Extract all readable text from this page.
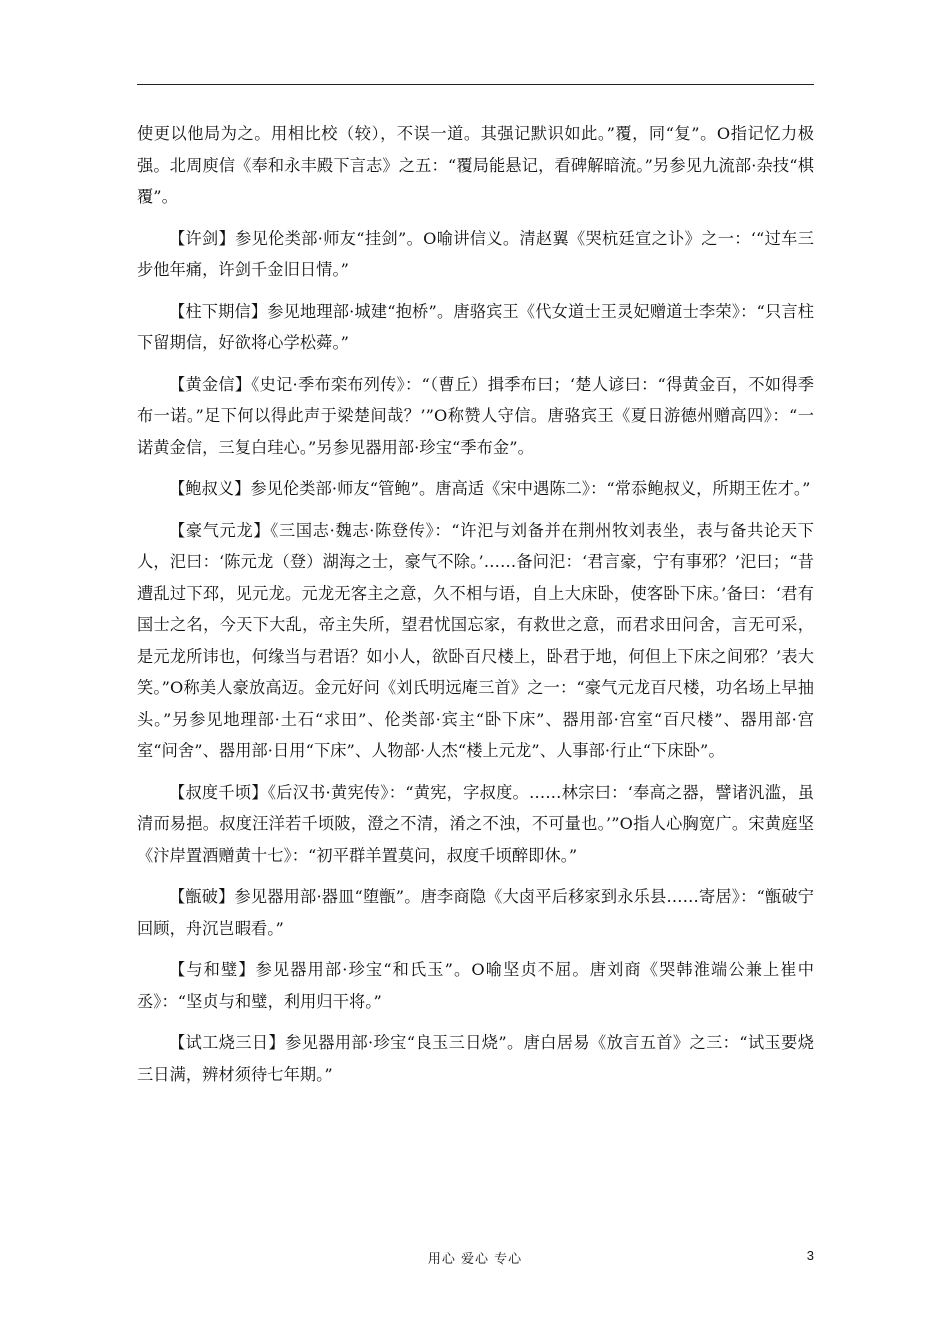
使更以他局为之。用相比校（较），不误一道。其强记默识如此。”覆，同“复”。O指记忆力极强。北周庾信《奉和永丰殿下言志》之五：“覆局能悬记，看碑解暗流。”另参见九流部·杂技“棋覆”。

【许剑】参见伦类部·师友“挂剑”。O喻讲信义。清赵翼《哭杭廷宣之讣》之一：‘“过车三步他年痛，许剑千金旧日情。”

【柱下期信】参见地理部·城建“抱桥”。唐骆宾王《代女道士王灵妃赠道士李荣》：“只言柱下留期信，好欲将心学松蕣。”

【黄金信】《史记·季布栾布列传》：“（曹丘）揖季布曰；‘楚人谚曰：“得黄金百，不如得季布一诺。”足下何以得此声于梁楚间哉？’”O称赞人守信。唐骆宾王《夏日游德州赠高四》：“一诺黄金信，三复白珪心。”另参见器用部·珍宝“季布金”。

【鲍叔义】参见伦类部·师友“管鲍”。唐高适《宋中遇陈二》：“常忝鲍叔义，所期王佐才。”

【豪气元龙】《三国志·魏志·陈登传》：“许汜与刘备并在荆州牧刘表坐，表与备共论天下人，汜曰：‘陈元龙（登）湖海之士，豪气不除。’……备问汜：‘君言豪，宁有事邪？’汜曰；“昔遭乱过下邳，见元龙。元龙无客主之意，久不相与语，自上大床卧，使客卧下床。’备曰：‘君有国士之名，今天下大乱，帝主失所，望君忧国忘家，有救世之意，而君求田问舍，言无可采，是元龙所讳也，何缘当与君语？如小人，欲卧百尺楼上，卧君于地，何但上下床之间邪？’表大笑。”O称美人豪放高迈。金元好问《刘氏明远庵三首》之一：“豪气元龙百尺楼，功名场上早抽头。”另参见地理部·土石“求田”、伦类部·宾主“卧下床”、器用部·宫室“百尺楼”、器用部·宫室“问舍”、器用部·日用“下床”、人物部·人杰“楼上元龙”、人事部·行止“下床卧”。

【叔度千顷】《后汉书·黄宪传》：“黄宪，字叔度。……林宗曰：‘奉高之器，譬诸汎滥，虽清而易挹。叔度汪洋若千顷陂，澄之不清，淆之不浊，不可量也。’”O指人心胸宽广。宋黄庭坚《汴岸置酒赠黄十七》：“初平群羊置莫问，叔度千顷醉即休。”

【甑破】参见器用部·器皿“堕甑”。唐李商隐《大卤平后移家到永乐县……寄居》：“甑破宁回顾，舟沉岂暇看。”

【与和璧】参见器用部·珍宝“和氏玉”。O喻坚贞不屈。唐刘商《哭韩淮端公兼上崔中丞》：“坚贞与和璧，利用归干将。”

【试工烧三日】参见器用部·珍宝“良玉三日烧”。唐白居易《放言五首》之三：“试玉要烧三日满，辨材须待七年期。”

用心 爱心 专心	3
